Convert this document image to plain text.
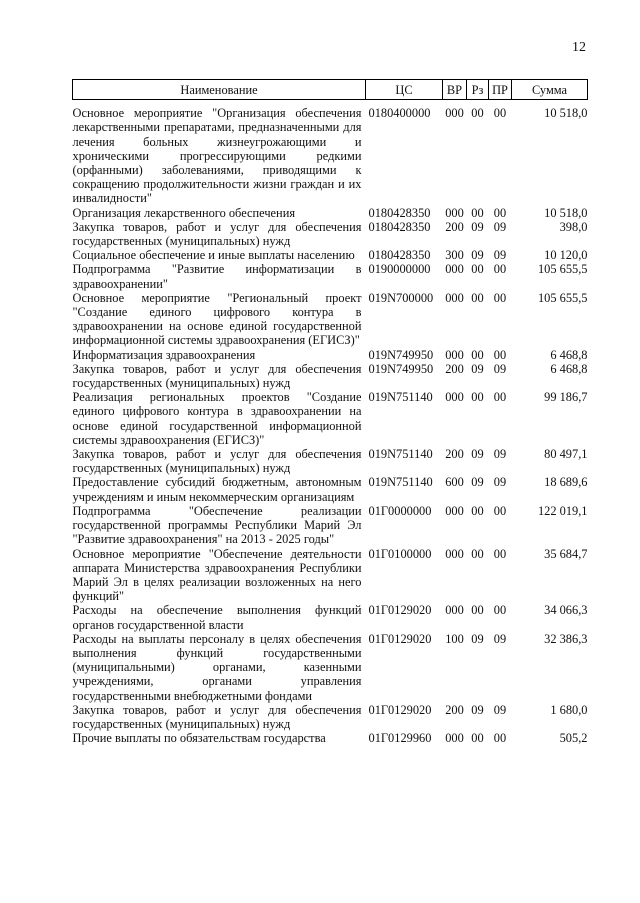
12
Наименование	ЦС	ВР	Рз	ПР	Сумма

Основное мероприятие "Организация обеспечения лекарственными препаратами, предназначенными для лечения больных жизнеугрожающими и хроническими прогрессирующими редкими (орфанными) заболеваниями, приводящими к сокращению продолжительности жизни граждан и их инвалидности"	0180400000	000	00	00	10 518,0
Организация лекарственного обеспечения	0180428350	000	00	00	10 518,0
Закупка товаров, работ и услуг для обеспечения государственных (муниципальных) нужд	0180428350	200	09	09	398,0
Социальное обеспечение и иные выплаты населению	0180428350	300	09	09	10 120,0
Подпрограмма "Развитие информатизации в здравоохранении"	0190000000	000	00	00	105 655,5
Основное мероприятие "Региональный проект "Создание единого цифрового контура в здравоохранении на основе единой государственной информационной системы здравоохранения (ЕГИСЗ)"	019N700000	000	00	00	105 655,5
Информатизация здравоохранения	019N749950	000	00	00	6 468,8
Закупка товаров, работ и услуг для обеспечения государственных (муниципальных) нужд	019N749950	200	09	09	6 468,8
Реализация региональных проектов "Создание единого цифрового контура в здравоохранении на основе единой государственной информационной системы здравоохранения (ЕГИСЗ)"	019N751140	000	00	00	99 186,7
Закупка товаров, работ и услуг для обеспечения государственных (муниципальных) нужд	019N751140	200	09	09	80 497,1
Предоставление субсидий бюджетным, автономным учреждениям и иным некоммерческим организациям	019N751140	600	09	09	18 689,6
Подпрограмма "Обеспечение реализации государственной программы Республики Марий Эл "Развитие здравоохранения" на 2013 - 2025 годы"	01Г0000000	000	00	00	122 019,1
Основное мероприятие "Обеспечение деятельности аппарата Министерства здравоохранения Республики Марий Эл в целях реализации возложенных на него функций"	01Г0100000	000	00	00	35 684,7
Расходы на обеспечение выполнения функций органов государственной власти	01Г0129020	000	00	00	34 066,3
Расходы на выплаты персоналу в целях обеспечения выполнения функций государственными (муниципальными) органами, казенными учреждениями, органами управления государственными внебюджетными фондами	01Г0129020	100	09	09	32 386,3
Закупка товаров, работ и услуг для обеспечения государственных (муниципальных) нужд	01Г0129020	200	09	09	1 680,0
Прочие выплаты по обязательствам государства	01Г0129960	000	00	00	505,2
